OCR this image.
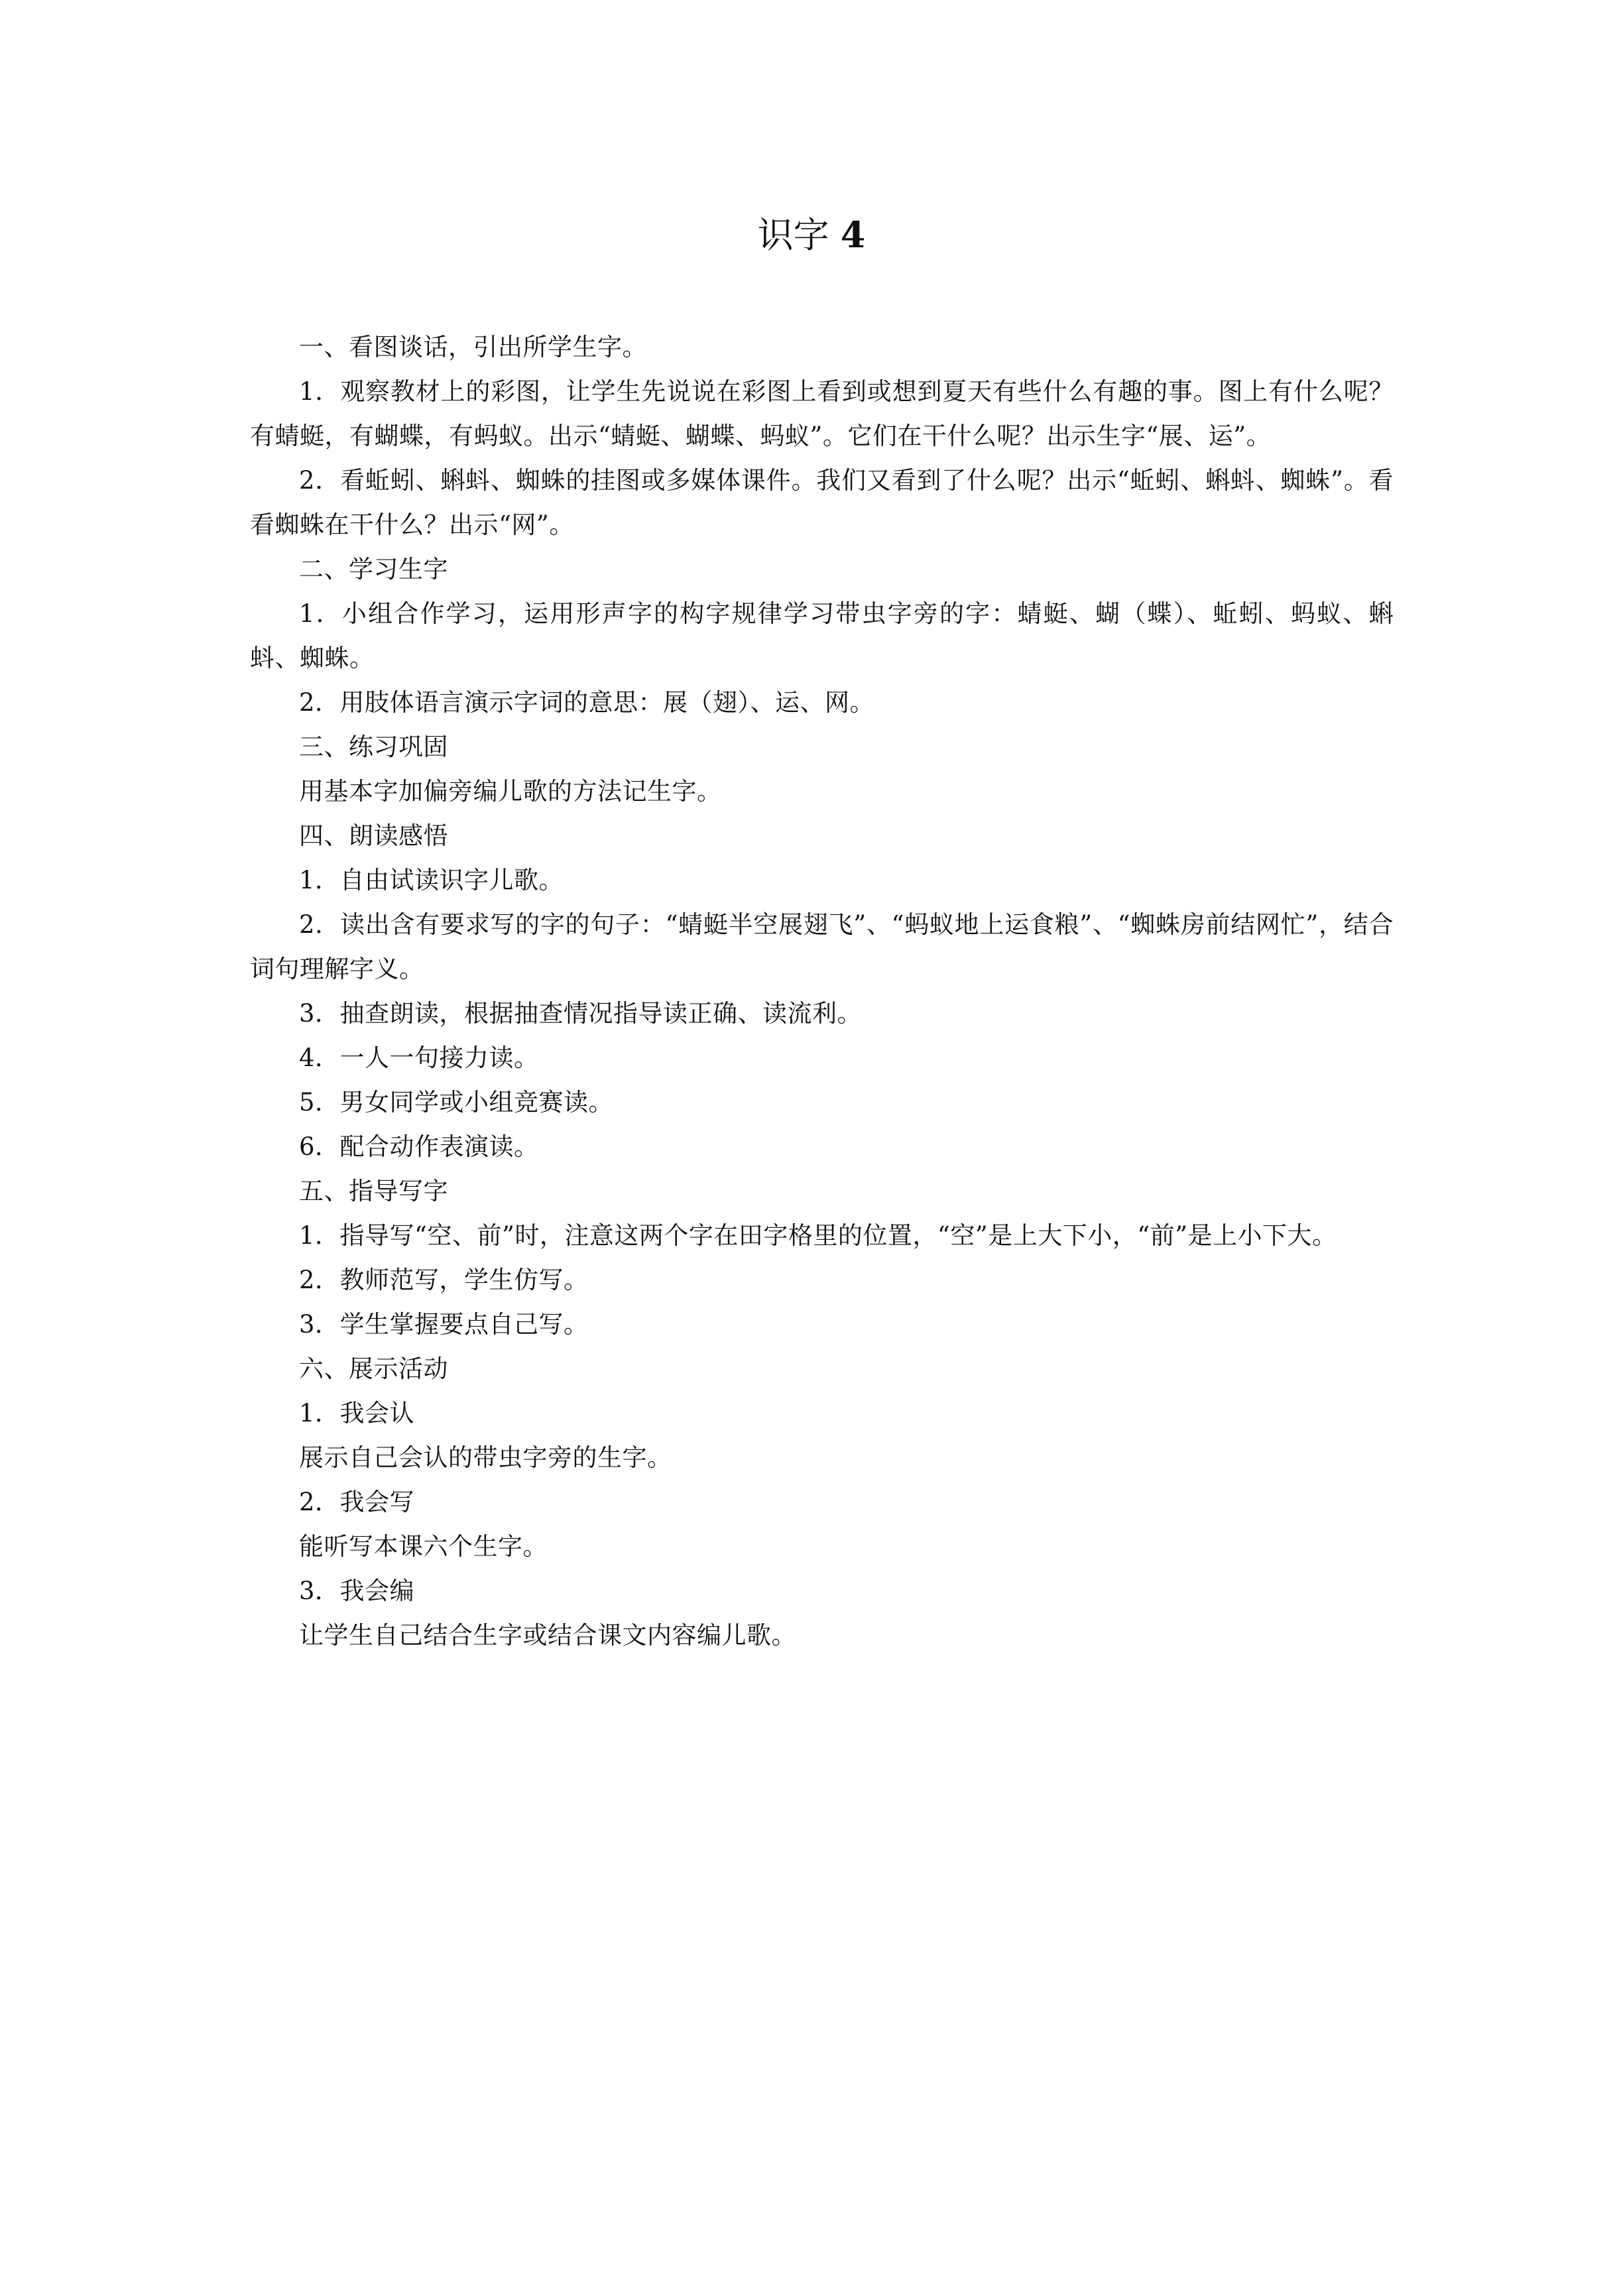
识字 4

一、看图谈话，引出所学生字。

1．观察教材上的彩图，让学生先说说在彩图上看到或想到夏天有些什么有趣的事。图上有什么呢？有蜻蜓，有蝴蝶，有蚂蚁。出示“蜻蜓、蝴蝶、蚂蚁”。它们在干什么呢？出示生字“展、运”。

2．看蚯蚓、蝌蚪、蜘蛛的挂图或多媒体课件。我们又看到了什么呢？出示“蚯蚓、蝌蚪、蜘蛛”。看看蜘蛛在干什么？出示“网”。

二、学习生字

1．小组合作学习，运用形声字的构字规律学习带虫字旁的字：蜻蜓、蝴（蝶）、蚯蚓、蚂蚁、蝌蚪、蜘蛛。

2．用肢体语言演示字词的意思：展（翅）、运、网。

三、练习巩固

用基本字加偏旁编儿歌的方法记生字。

四、朗读感悟

1．自由试读识字儿歌。

2．读出含有要求写的字的句子：“蜻蜓半空展翅飞”、“蚂蚁地上运食粮”、“蜘蛛房前结网忙”，结合词句理解字义。

3．抽查朗读，根据抽查情况指导读正确、读流利。

4．一人一句接力读。

5．男女同学或小组竞赛读。

6．配合动作表演读。

五、指导写字

1．指导写“空、前”时，注意这两个字在田字格里的位置，“空”是上大下小，“前”是上小下大。

2．教师范写，学生仿写。

3．学生掌握要点自己写。

六、展示活动

1．我会认

展示自己会认的带虫字旁的生字。

2．我会写

能听写本课六个生字。

3．我会编

让学生自己结合生字或结合课文内容编儿歌。
